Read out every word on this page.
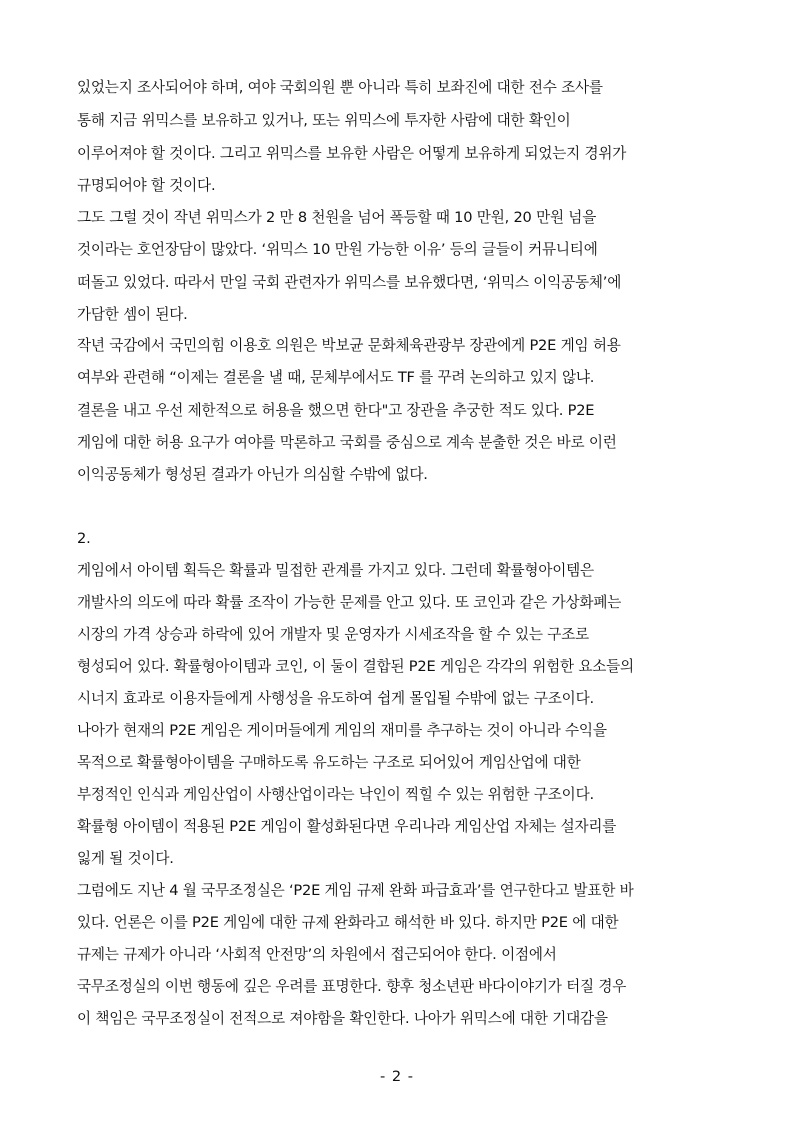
있었는지 조사되어야 하며, 여야 국회의원 뿐 아니라 특히 보좌진에 대한 전수 조사를
통해 지금 위믹스를 보유하고 있거나, 또는 위믹스에 투자한 사람에 대한 확인이
이루어져야 할 것이다. 그리고 위믹스를 보유한 사람은 어떻게 보유하게 되었는지 경위가
규명되어야 할 것이다.
그도 그럴 것이 작년 위믹스가 2 만 8 천원을 넘어 폭등할 때 10 만원, 20 만원 넘을
것이라는 호언장담이 많았다. ‘위믹스 10 만원 가능한 이유’ 등의 글들이 커뮤니티에
떠돌고 있었다. 따라서 만일 국회 관련자가 위믹스를 보유했다면, ‘위믹스 이익공동체’에
가담한 셈이 된다.
작년 국감에서 국민의힘 이용호 의원은 박보균 문화체육관광부 장관에게 P2E 게임 허용
여부와 관련해 “이제는 결론을 낼 때, 문체부에서도 TF 를 꾸려 논의하고 있지 않냐.
결론을 내고 우선 제한적으로 허용을 했으면 한다"고 장관을 추궁한 적도 있다. P2E
게임에 대한 허용 요구가 여야를 막론하고 국회를 중심으로 계속 분출한 것은 바로 이런
이익공동체가 형성된 결과가 아닌가 의심할 수밖에 없다.
2.
게임에서 아이템 획득은 확률과 밀접한 관계를 가지고 있다. 그런데 확률형아이템은
개발사의 의도에 따라 확률 조작이 가능한 문제를 안고 있다. 또 코인과 같은 가상화폐는
시장의 가격 상승과 하락에 있어 개발자 및 운영자가 시세조작을 할 수 있는 구조로
형성되어 있다. 확률형아이템과 코인, 이 둘이 결합된 P2E 게임은 각각의 위험한 요소들의
시너지 효과로 이용자들에게 사행성을 유도하여 쉽게 몰입될 수밖에 없는 구조이다.
나아가 현재의 P2E 게임은 게이머들에게 게임의 재미를 추구하는 것이 아니라 수익을
목적으로 확률형아이템을 구매하도록 유도하는 구조로 되어있어 게임산업에 대한
부정적인 인식과 게임산업이 사행산업이라는 낙인이 찍힐 수 있는 위험한 구조이다.
확률형 아이템이 적용된 P2E 게임이 활성화된다면 우리나라 게임산업 자체는 설자리를
잃게 될 것이다.
그럼에도 지난 4 월 국무조정실은 ‘P2E 게임 규제 완화 파급효과’를 연구한다고 발표한 바
있다. 언론은 이를 P2E 게임에 대한 규제 완화라고 해석한 바 있다. 하지만 P2E 에 대한
규제는 규제가 아니라 ‘사회적 안전망’의 차원에서 접근되어야 한다. 이점에서
국무조정실의 이번 행동에 깊은 우려를 표명한다. 향후 청소년판 바다이야기가 터질 경우
이 책임은 국무조정실이 전적으로 져야함을 확인한다. 나아가 위믹스에 대한 기대감을
- 2 -
